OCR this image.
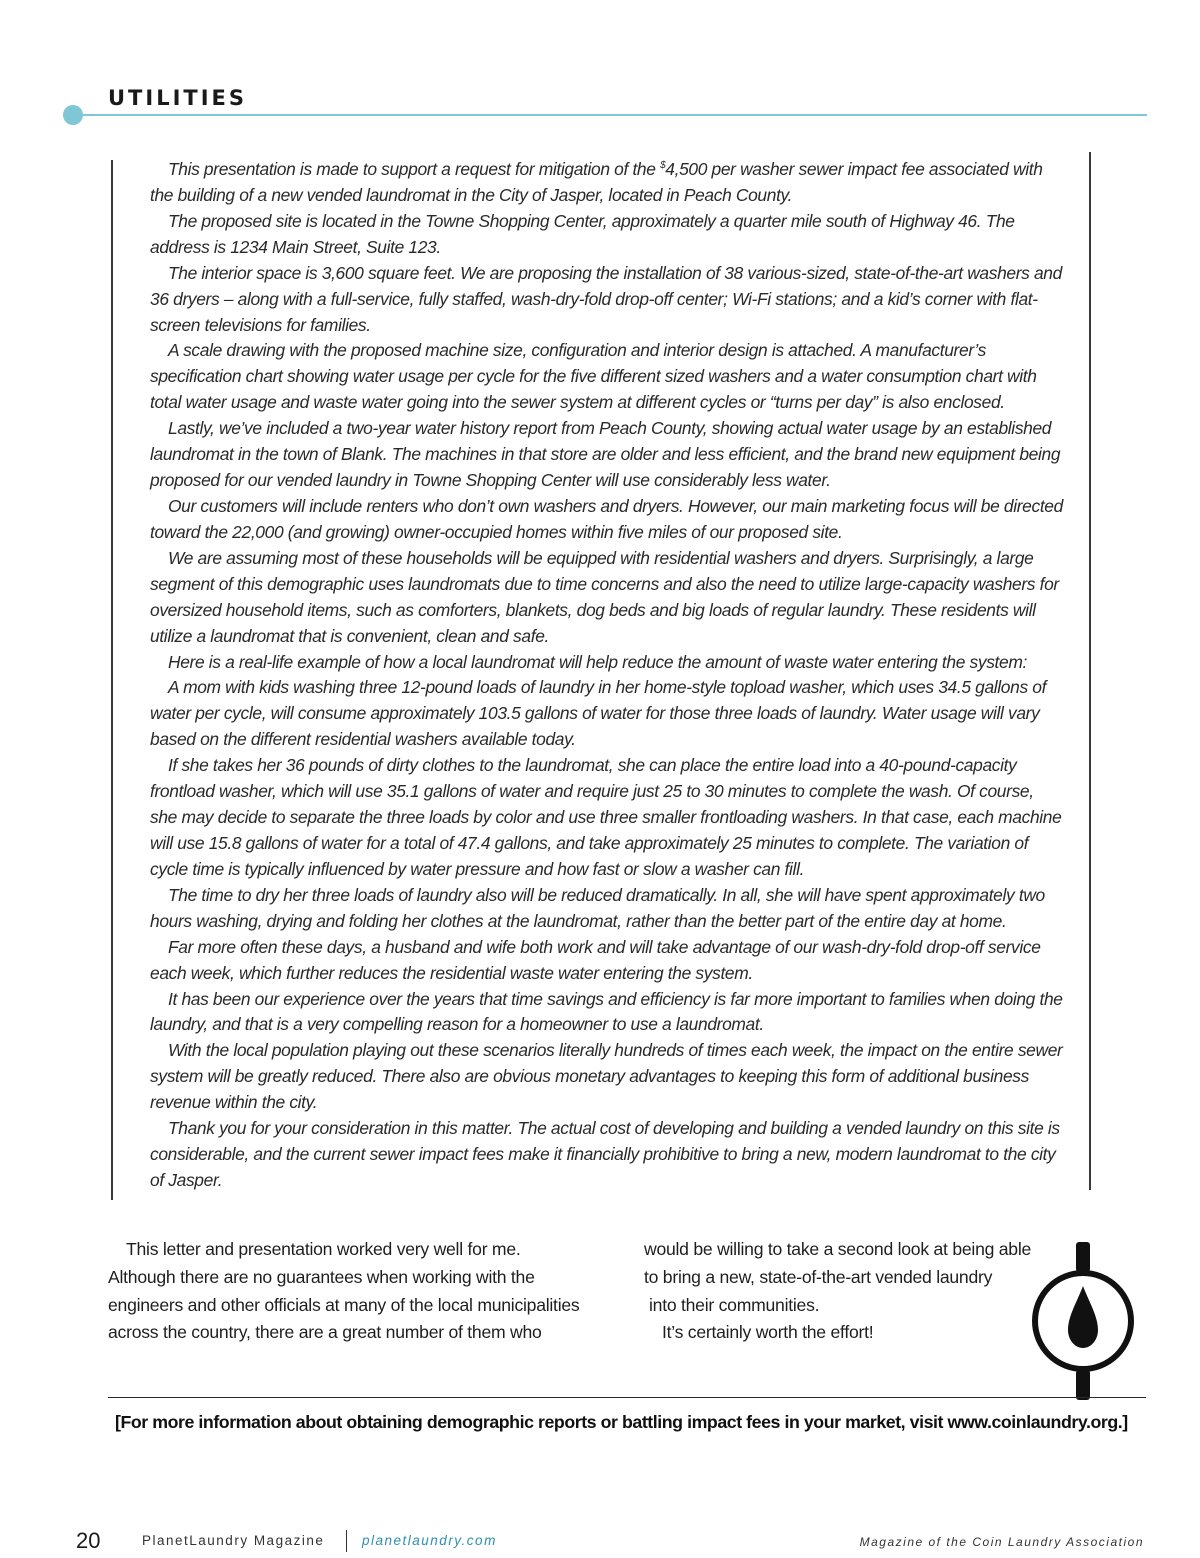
UTILITIES

This presentation is made to support a request for mitigation of the $4,500 per washer sewer impact fee associated with the building of a new vended laundromat in the City of Jasper, located in Peach County.

The proposed site is located in the Towne Shopping Center, approximately a quarter mile south of Highway 46. The address is 1234 Main Street, Suite 123.

The interior space is 3,600 square feet. We are proposing the installation of 38 various-sized, state-of-the-art washers and 36 dryers – along with a full-service, fully staffed, wash-dry-fold drop-off center; Wi-Fi stations; and a kid’s corner with flat-screen televisions for families.

A scale drawing with the proposed machine size, configuration and interior design is attached. A manufacturer’s specification chart showing water usage per cycle for the five different sized washers and a water consumption chart with total water usage and waste water going into the sewer system at different cycles or “turns per day” is also enclosed.

Lastly, we’ve included a two-year water history report from Peach County, showing actual water usage by an established laundromat in the town of Blank. The machines in that store are older and less efficient, and the brand new equipment being proposed for our vended laundry in Towne Shopping Center will use considerably less water.

Our customers will include renters who don’t own washers and dryers. However, our main marketing focus will be directed toward the 22,000 (and growing) owner-occupied homes within five miles of our proposed site.

We are assuming most of these households will be equipped with residential washers and dryers. Surprisingly, a large segment of this demographic uses laundromats due to time concerns and also the need to utilize large-capacity washers for oversized household items, such as comforters, blankets, dog beds and big loads of regular laundry. These residents will utilize a laundromat that is convenient, clean and safe.

Here is a real-life example of how a local laundromat will help reduce the amount of waste water entering the system:

A mom with kids washing three 12-pound loads of laundry in her home-style topload washer, which uses 34.5 gallons of water per cycle, will consume approximately 103.5 gallons of water for those three loads of laundry. Water usage will vary based on the different residential washers available today.

If she takes her 36 pounds of dirty clothes to the laundromat, she can place the entire load into a 40-pound-capacity frontload washer, which will use 35.1 gallons of water and require just 25 to 30 minutes to complete the wash. Of course, she may decide to separate the three loads by color and use three smaller frontloading washers. In that case, each machine will use 15.8 gallons of water for a total of 47.4 gallons, and take approximately 25 minutes to complete. The variation of cycle time is typically influenced by water pressure and how fast or slow a washer can fill.

The time to dry her three loads of laundry also will be reduced dramatically. In all, she will have spent approximately two hours washing, drying and folding her clothes at the laundromat, rather than the better part of the entire day at home.

Far more often these days, a husband and wife both work and will take advantage of our wash-dry-fold drop-off service each week, which further reduces the residential waste water entering the system.

It has been our experience over the years that time savings and efficiency is far more important to families when doing the laundry, and that is a very compelling reason for a homeowner to use a laundromat.

With the local population playing out these scenarios literally hundreds of times each week, the impact on the entire sewer system will be greatly reduced. There also are obvious monetary advantages to keeping this form of additional business revenue within the city.

Thank you for your consideration in this matter. The actual cost of developing and building a vended laundry on this site is considerable, and the current sewer impact fees make it financially prohibitive to bring a new, modern laundromat to the city of Jasper.

This letter and presentation worked very well for me.

Although there are no guarantees when working with the

engineers and other officials at many of the local municipalities

across the country, there are a great number of them who

would be willing to take a second look at being able

to bring a new, state-of-the-art vended laundry

into their communities.

It’s certainly worth the effort!

[For more information about obtaining demographic reports or battling impact fees in your market, visit www.coinlaundry.org.]
20	PlanetLaundry Magazine	planetlaundry.com	Magazine of the Coin Laundry Association
